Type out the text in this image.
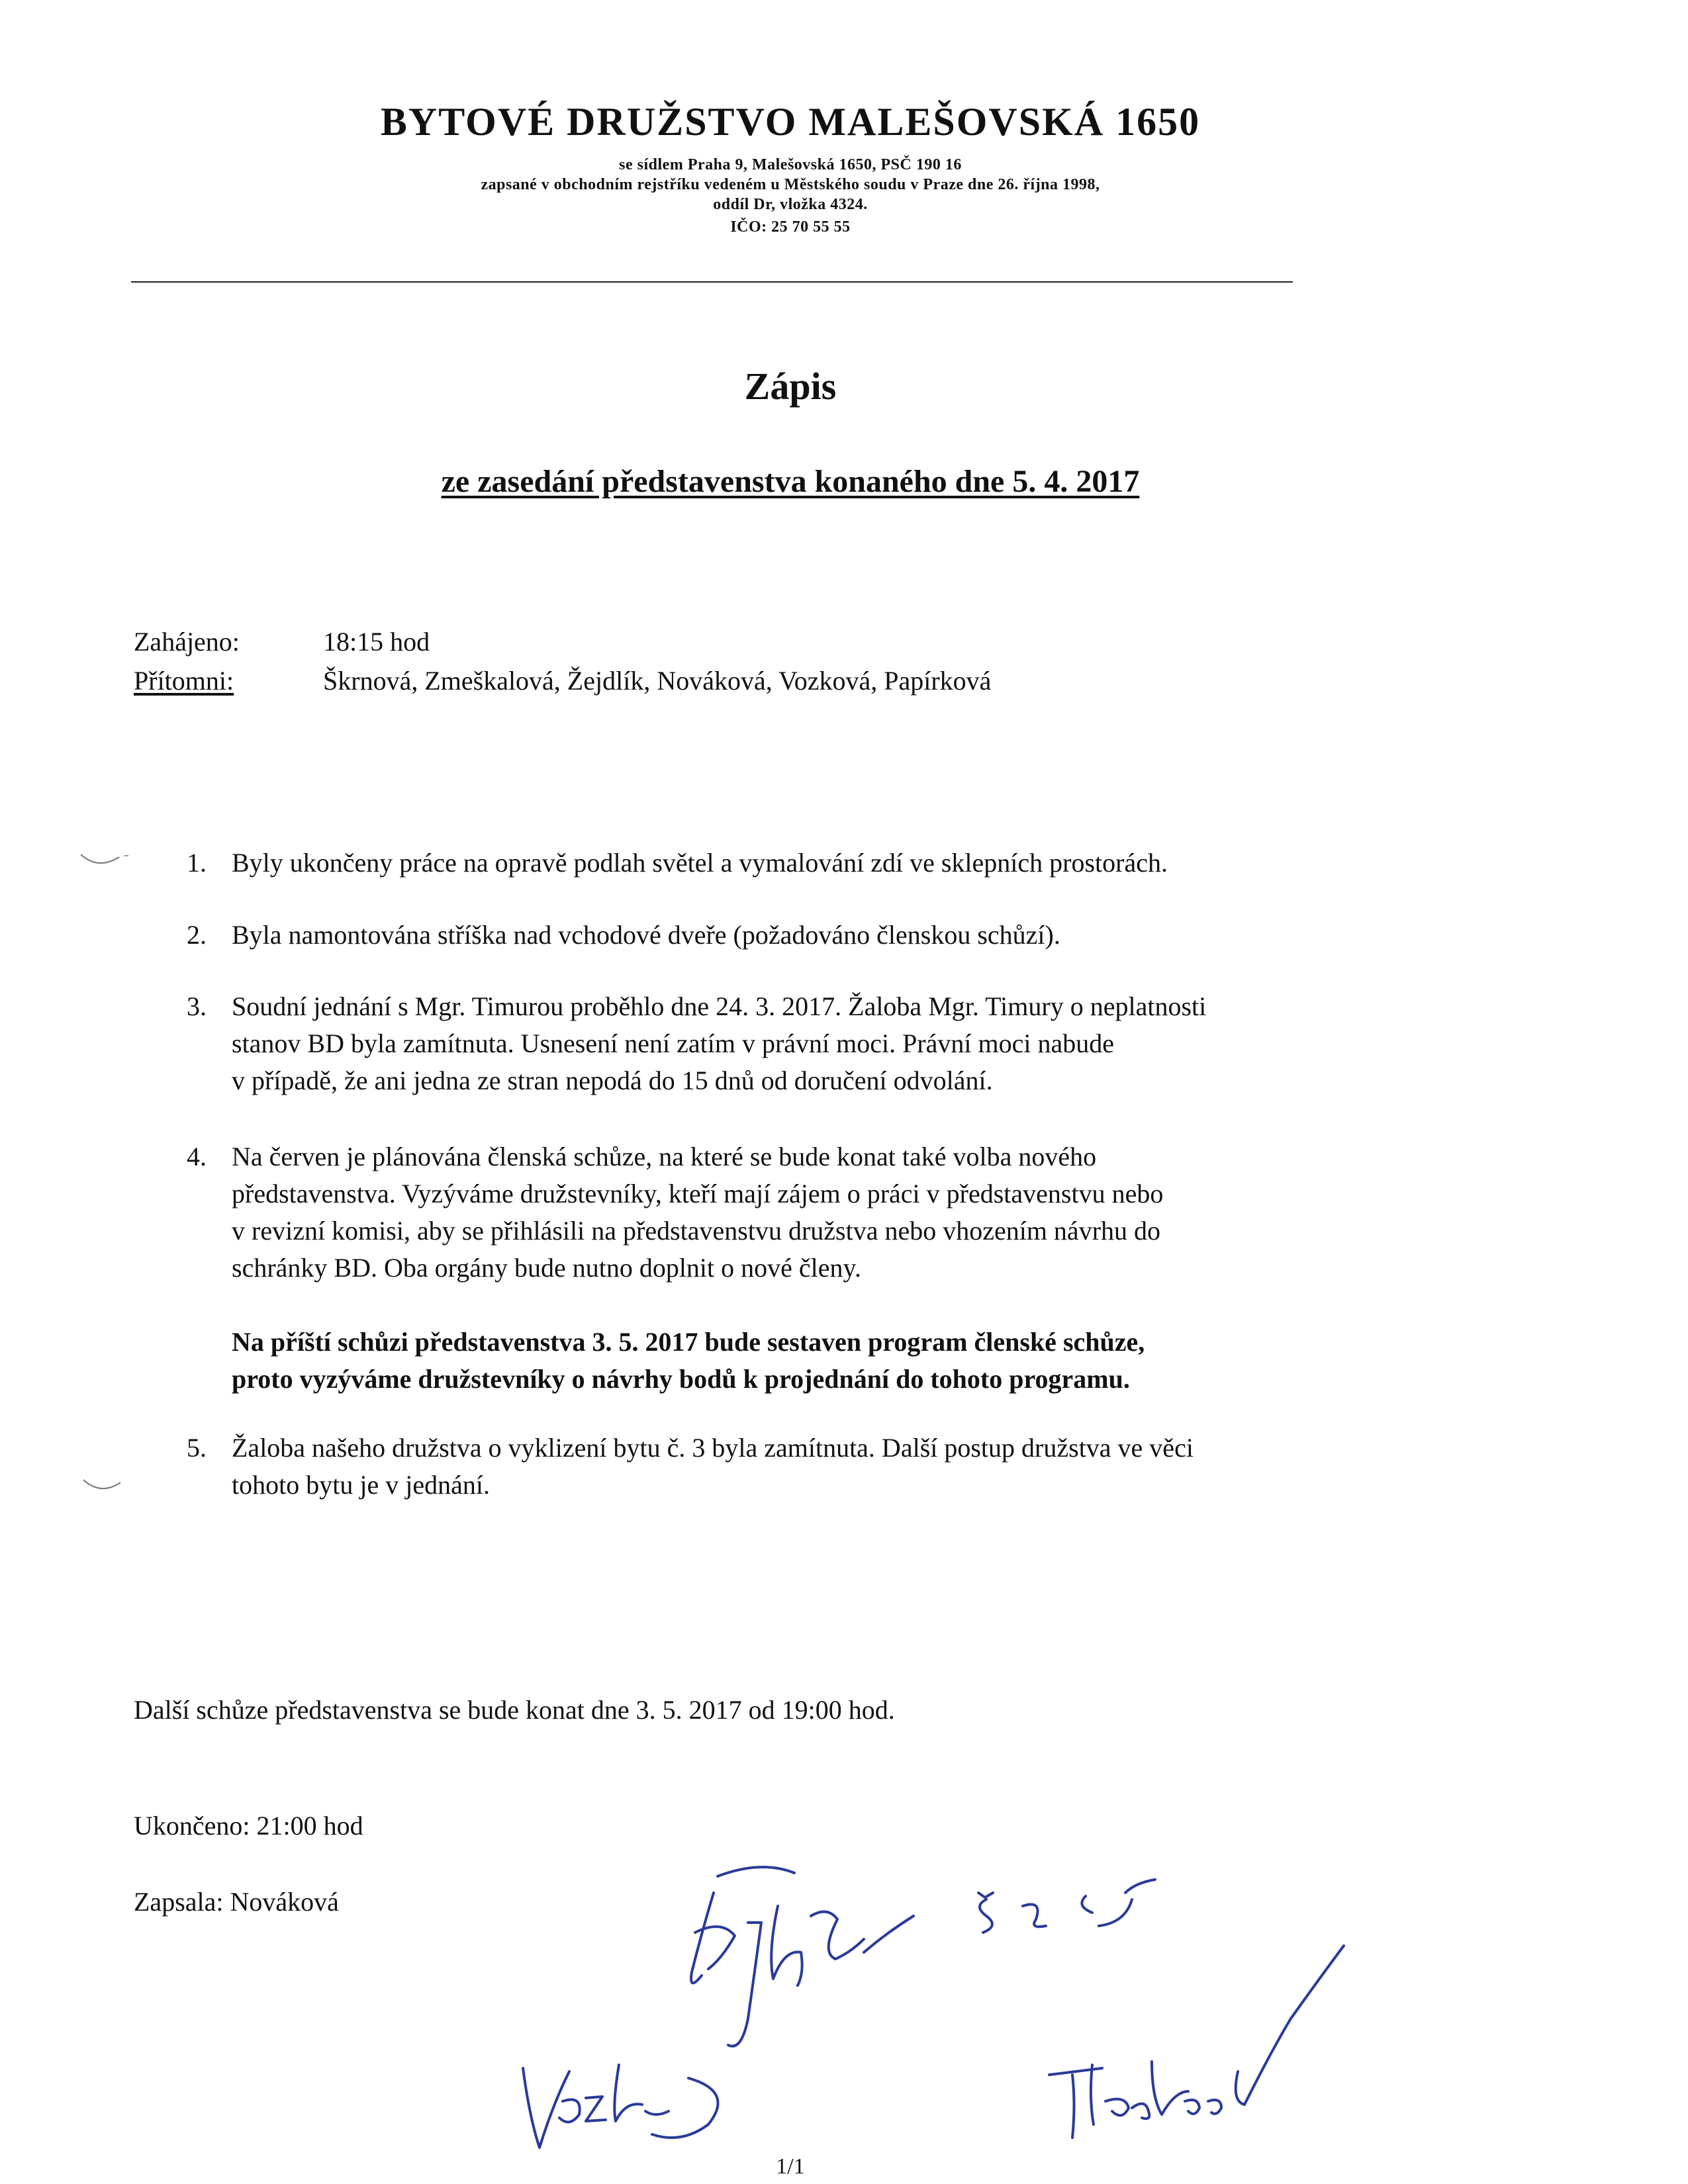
BYTOVÉ DRUŽSTVO MALEŠOVSKÁ 1650
se sídlem Praha 9, Malešovská 1650, PSČ 190 16
zapsané v obchodním rejstříku vedeném u Městského soudu v Praze dne 26. října 1998,
oddíl Dr, vložka 4324.
IČO: 25 70 55 55
Zápis
ze zasedání představenstva konaného dne 5. 4. 2017
Zahájeno:	18:15 hod
Přítomni:	Škrnová, Zmeškalová, Žejdlík, Nováková, Vozková, Papírková
1. Byly ukončeny práce na opravě podlah světel a vymalování zdí ve sklepních prostorách.
2. Byla namontována stříška nad vchodové dveře (požadováno členskou schůzí).
3. Soudní jednání s Mgr. Timurou proběhlo dne 24. 3. 2017. Žaloba Mgr. Timury o neplatnosti
stanov BD byla zamítnuta. Usnesení není zatím v právní moci. Právní moci nabude
v případě, že ani jedna ze stran nepodá do 15 dnů od doručení odvolání.
4. Na červen je plánována členská schůze, na které se bude konat také volba nového
představenstva. Vyzýváme družstevníky, kteří mají zájem o práci v představenstvu nebo
v revizní komisi, aby se přihlásili na představenstvu družstva nebo vhozením návrhu do
schránky BD. Oba orgány bude nutno doplnit o nové členy.
Na příští schůzi představenstva 3. 5. 2017 bude sestaven program členské schůze,
proto vyzýváme družstevníky o návrhy bodů k projednání do tohoto programu.
5. Žaloba našeho družstva o vyklizení bytu č. 3 byla zamítnuta. Další postup družstva ve věci
tohoto bytu je v jednání.
Další schůze představenstva se bude konat dne 3. 5. 2017 od 19:00 hod.
Ukončeno: 21:00 hod
Zapsala: Nováková
1/1
